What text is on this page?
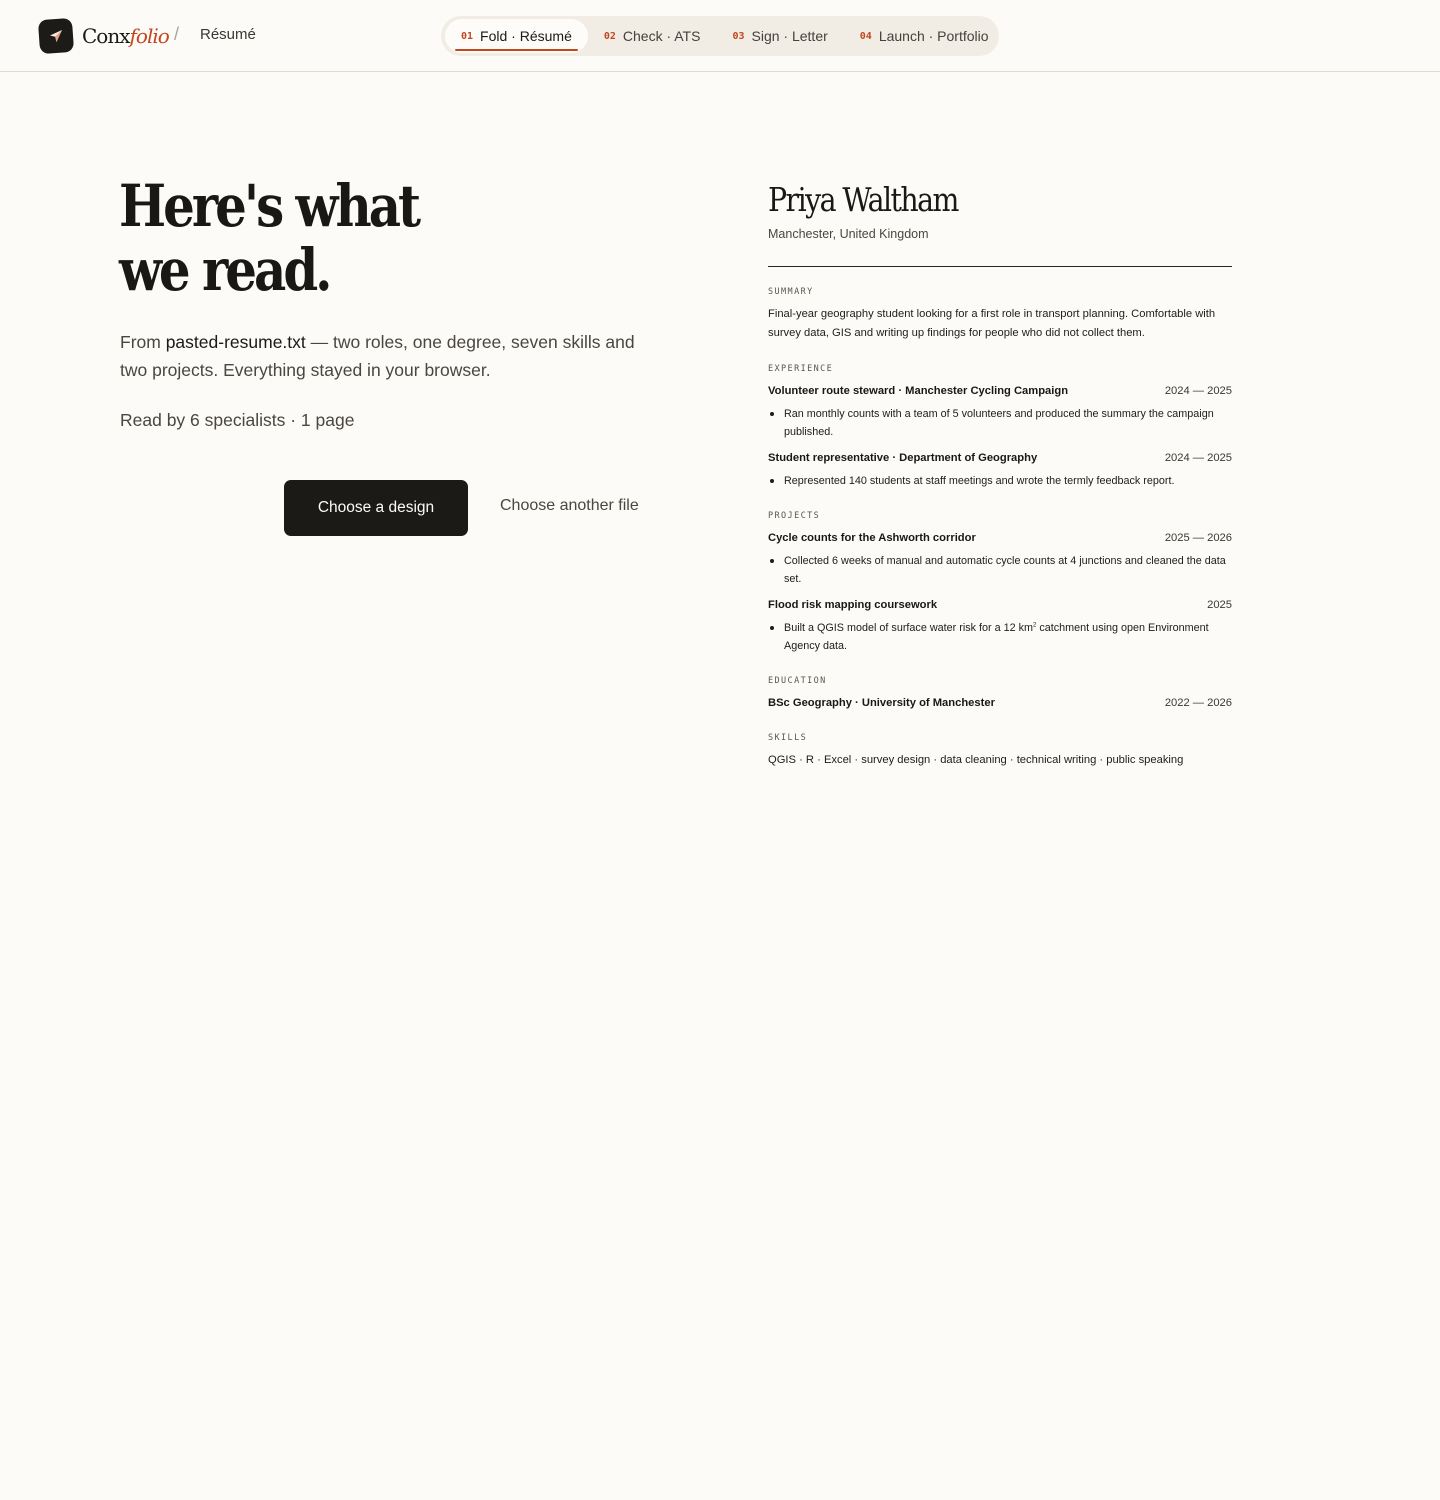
Conxfolio / Résumé	01 Fold · Résumé	02 Check · ATS	03 Sign · Letter	04 Launch · Portfolio
Here's what
we read.

From pasted-resume.txt — two roles, one degree, seven skills and two projects. Everything stayed in your browser.

Read by 6 specialists · 1 page

Choose a design	Choose another file
Priya Waltham
Manchester, United Kingdom
SUMMARY

Final-year geography student looking for a first role in transport planning. Comfortable with survey data, GIS and writing up findings for people who did not collect them.

EXPERIENCE
Volunteer route steward · Manchester Cycling Campaign	2024 — 2025
Ran monthly counts with a team of 5 volunteers and produced the summary the campaign published.
Student representative · Department of Geography	2024 — 2025
Represented 140 students at staff meetings and wrote the termly feedback report.
PROJECTS
Cycle counts for the Ashworth corridor	2025 — 2026
Collected 6 weeks of manual and automatic cycle counts at 4 junctions and cleaned the data set.
Flood risk mapping coursework	2025
Built a QGIS model of surface water risk for a 12 $km^2$ catchment using open Environment Agency data.
EDUCATION
BSc Geography · University of Manchester	2022 — 2026
SKILLS

QGIS · R · Excel · survey design · data cleaning · technical writing · public speaking
